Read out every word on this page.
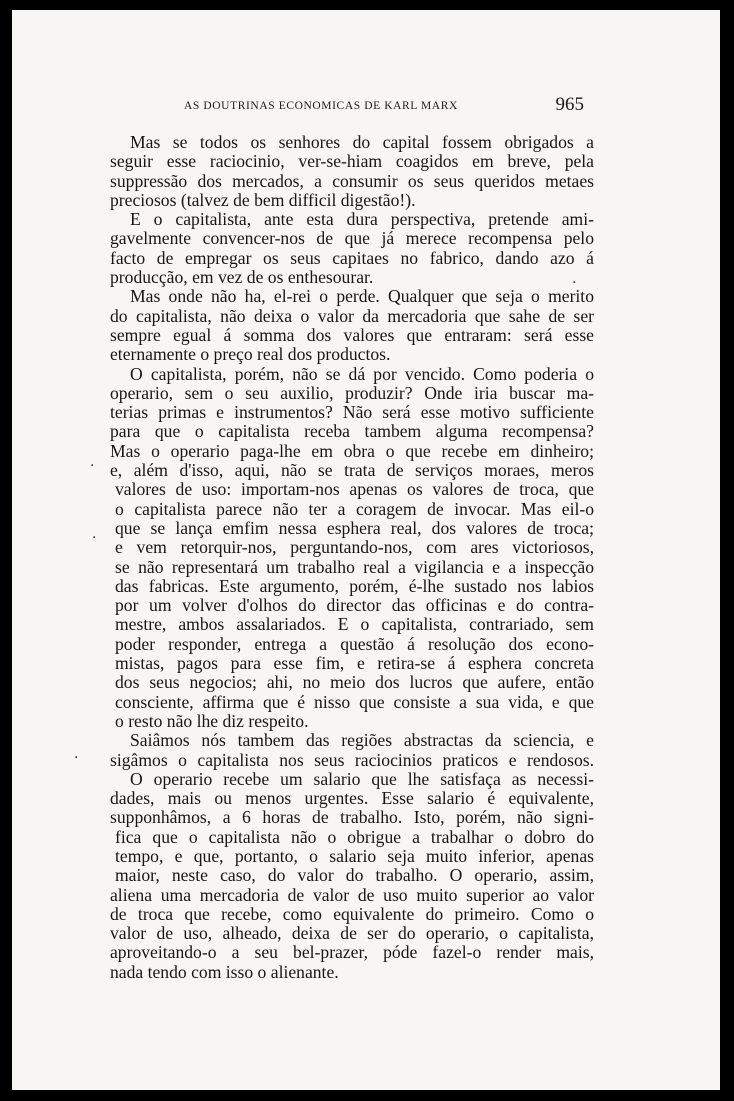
AS DOUTRINAS ECONOMICAS DE KARL MARX	965
Mas se todos os senhores do capital fossem obrigados a
seguir esse raciocinio, ver-se-hiam coagidos em breve, pela
suppressão dos mercados, a consumir os seus queridos metaes
preciosos (talvez de bem difficil digestão!).
E o capitalista, ante esta dura perspectiva, pretende ami-
gavelmente convencer-nos de que já merece recompensa pelo
facto de empregar os seus capitaes no fabrico, dando azo á
producção, em vez de os enthesourar.
Mas onde não ha, el-rei o perde. Qualquer que seja o merito
do capitalista, não deixa o valor da mercadoria que sahe de ser
sempre egual á somma dos valores que entraram: será esse
eternamente o preço real dos productos.
O capitalista, porém, não se dá por vencido. Como poderia o
operario, sem o seu auxilio, produzir? Onde iria buscar ma-
terias primas e instrumentos? Não será esse motivo sufficiente
para que o capitalista receba tambem alguma recompensa?
Mas o operario paga-lhe em obra o que recebe em dinheiro;
e, além d'isso, aqui, não se trata de serviços moraes, meros
valores de uso: importam-nos apenas os valores de troca, que
o capitalista parece não ter a coragem de invocar. Mas eil-o
que se lança emfim nessa esphera real, dos valores de troca;
e vem retorquir-nos, perguntando-nos, com ares victoriosos,
se não representará um trabalho real a vigilancia e a inspecção
das fabricas. Este argumento, porém, é-lhe sustado nos labios
por um volver d'olhos do director das officinas e do contra-
mestre, ambos assalariados. E o capitalista, contrariado, sem
poder responder, entrega a questão á resolução dos econo-
mistas, pagos para esse fim, e retira-se á esphera concreta
dos seus negocios; ahi, no meio dos lucros que aufere, então
consciente, affirma que é nisso que consiste a sua vida, e que
o resto não lhe diz respeito.
Saiâmos nós tambem das regiões abstractas da sciencia, e
sigâmos o capitalista nos seus raciocinios praticos e rendosos.
O operario recebe um salario que lhe satisfaça as necessi-
dades, mais ou menos urgentes. Esse salario é equivalente,
supponhâmos, a 6 horas de trabalho. Isto, porém, não signi-
fica que o capitalista não o obrigue a trabalhar o dobro do
tempo, e que, portanto, o salario seja muito inferior, apenas
maior, neste caso, do valor do trabalho. O operario, assim,
aliena uma mercadoria de valor de uso muito superior ao valor
de troca que recebe, como equivalente do primeiro. Como o
valor de uso, alheado, deixa de ser do operario, o capitalista,
aproveitando-o a seu bel-prazer, póde fazel-o render mais,
nada tendo com isso o alienante.
·
·
·
·
